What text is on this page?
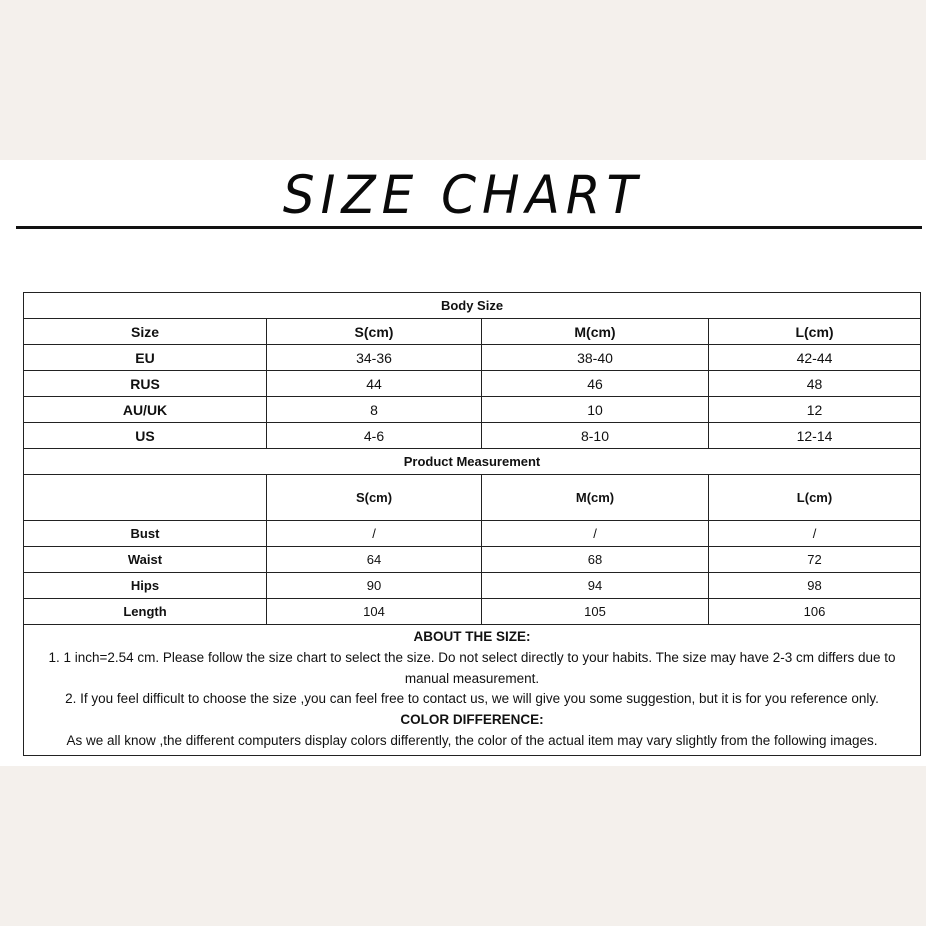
SIZE CHART
Body Size			
Size	S(cm)	M(cm)	L(cm)
EU	34-36	38-40	42-44
RUS	44	46	48
AU/UK	8	10	12
US	4-6	8-10	12-14
Product Measurement			
	S(cm)	M(cm)	L(cm)
Bust	/	/	/
Waist	64	68	72
Hips	90	94	98
Length	104	105	106

ABOUT THE SIZE:
1. 1 inch=2.54 cm. Please follow the size chart to select the size. Do not select directly to your habits. The size may have 2-3 cm differs due to manual measurement.
2. If you feel difficult to choose the size ,you can feel free to contact us, we will give you some suggestion, but it is for you reference only.
COLOR DIFFERENCE:
As we all know ,the different computers display colors differently, the color of the actual item may vary slightly from the following images.			
